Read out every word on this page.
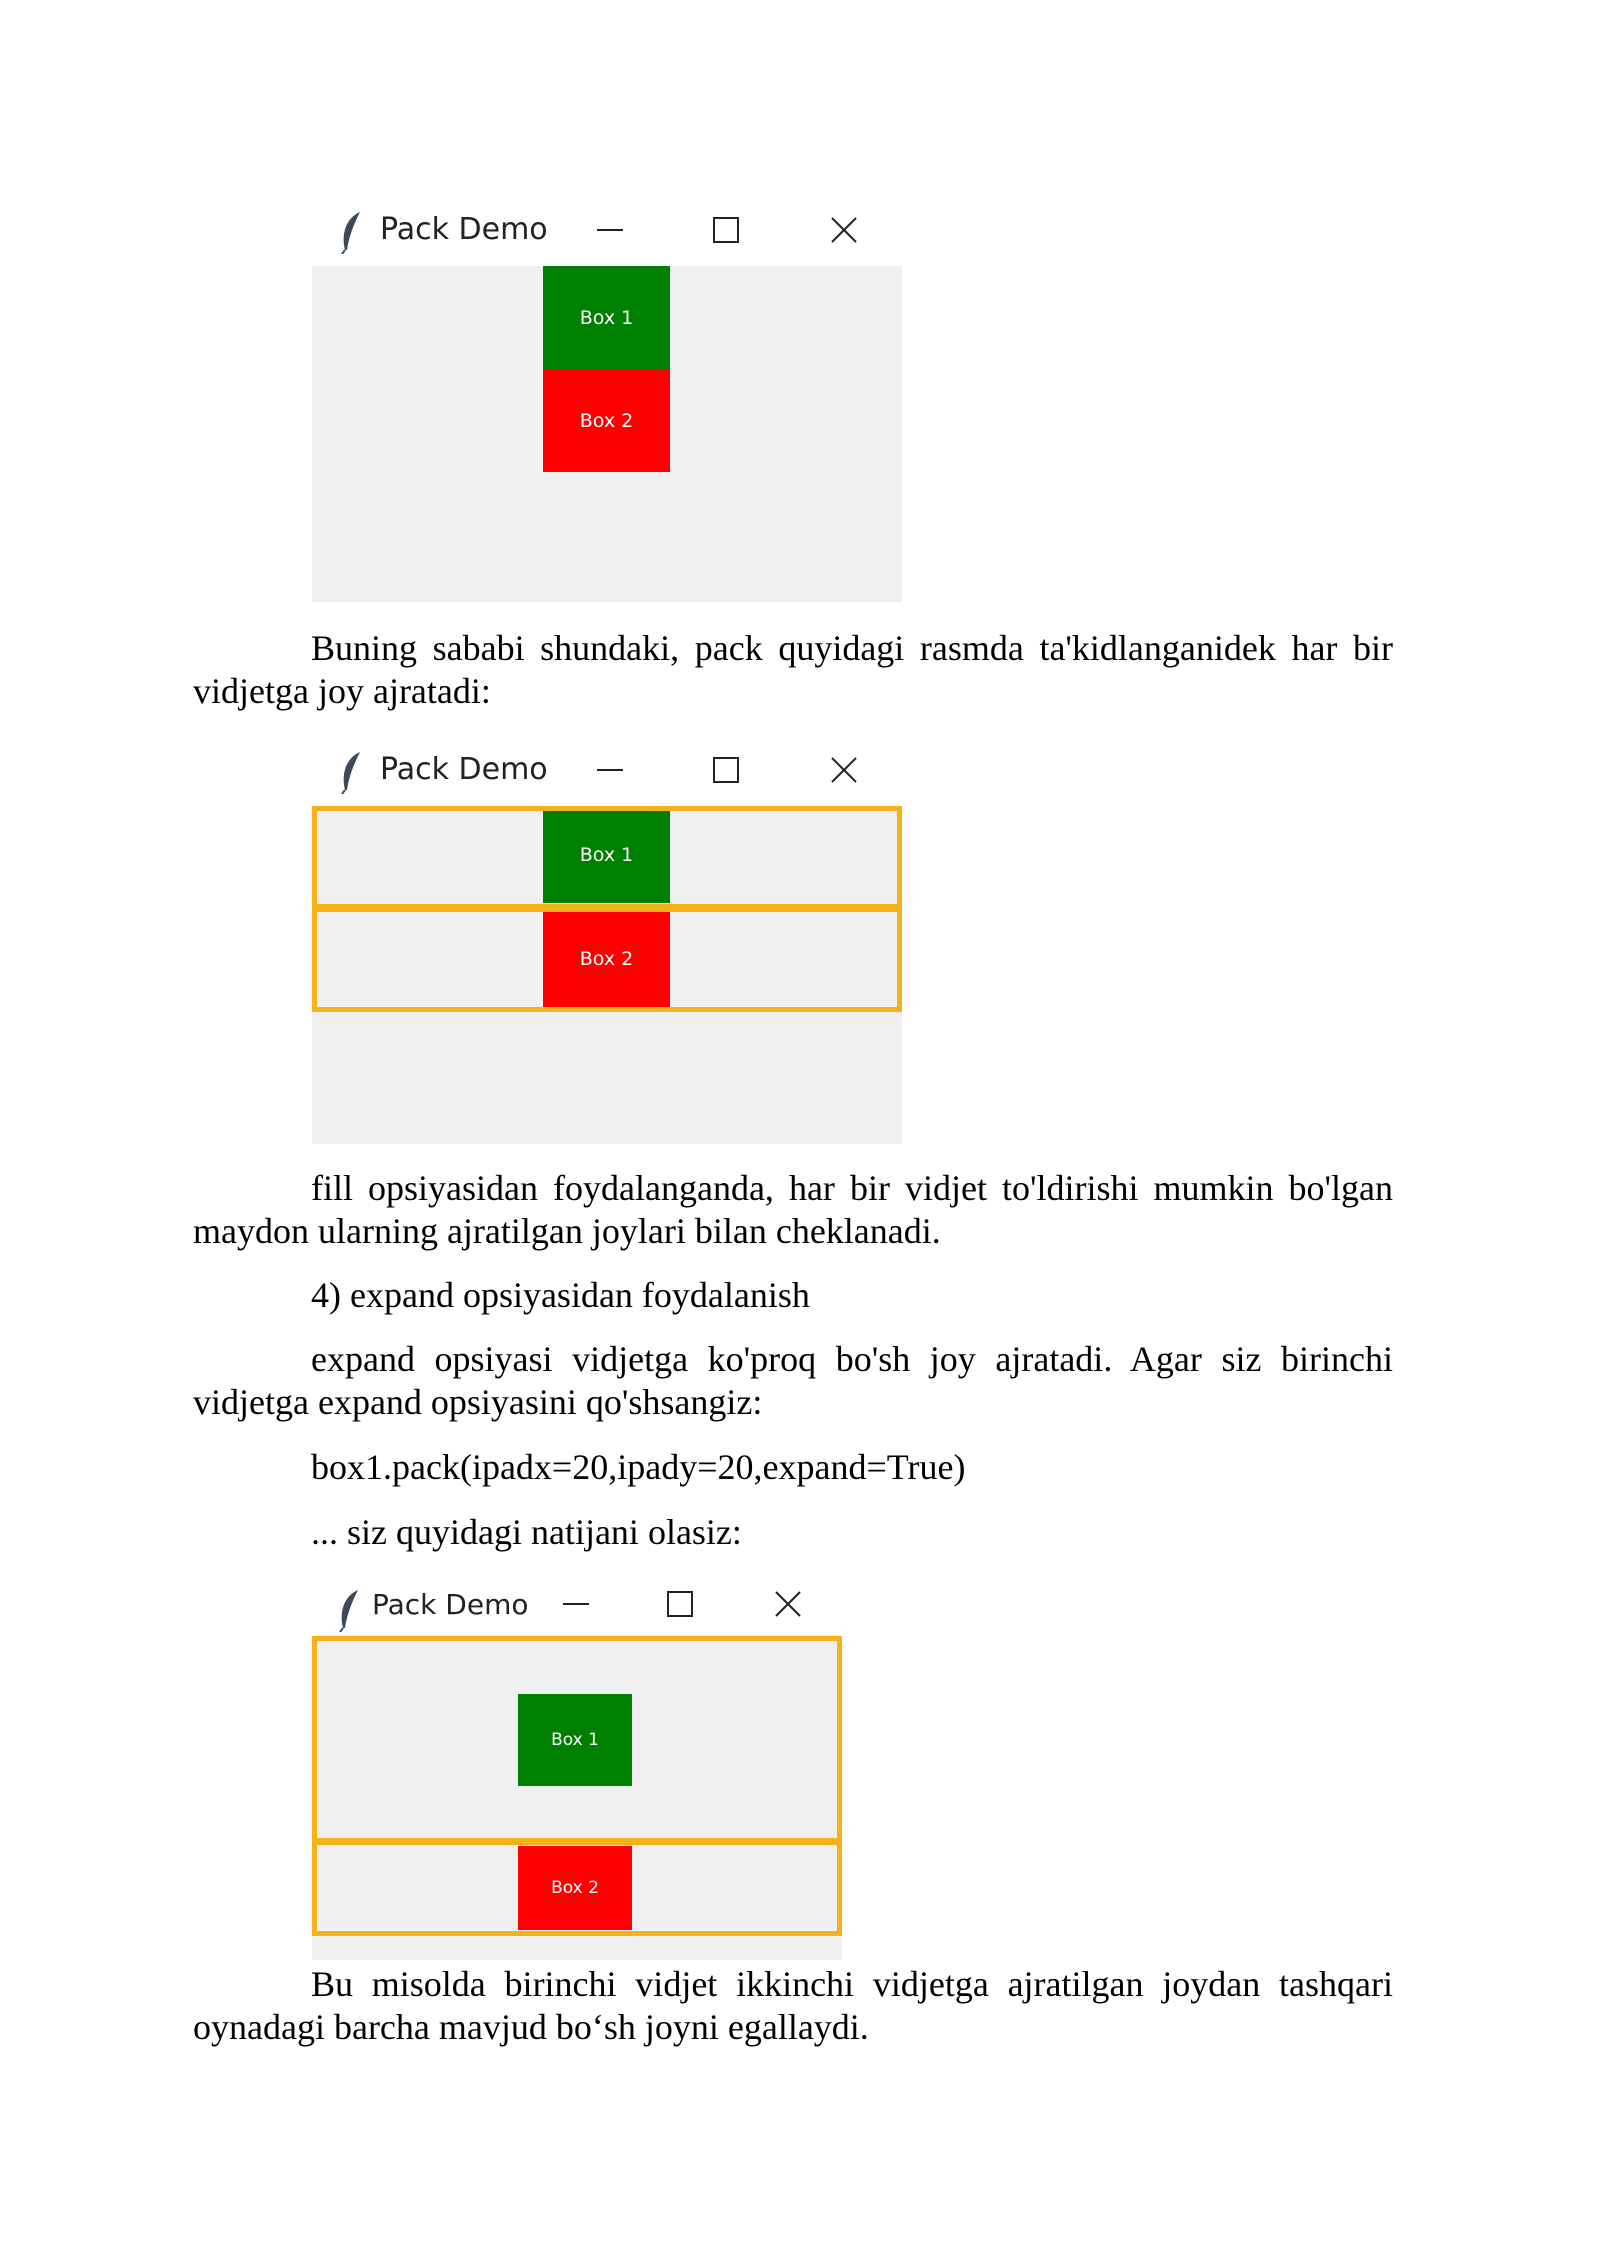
Pack Demo
Box 1
Box 2

Buning sababi shundaki, pack quyidagi rasmda ta'kidlanganidek har bir vidjetga joy ajratadi:

Pack Demo
Box 1
Box 2

fill opsiyasidan foydalanganda, har bir vidjet to'ldirishi mumkin bo'lgan maydon ularning ajratilgan joylari bilan cheklanadi.

4) expand opsiyasidan foydalanish

expand opsiyasi vidjetga ko'proq bo'sh joy ajratadi. Agar siz birinchi vidjetga expand opsiyasini qo'shsangiz:

box1.pack(ipadx=20,ipady=20,expand=True)

... siz quyidagi natijani olasiz:

Pack Demo
Box 1
Box 2

Bu misolda birinchi vidjet ikkinchi vidjetga ajratilgan joydan tashqari oynadagi barcha mavjud bo‘sh joyni egallaydi.
